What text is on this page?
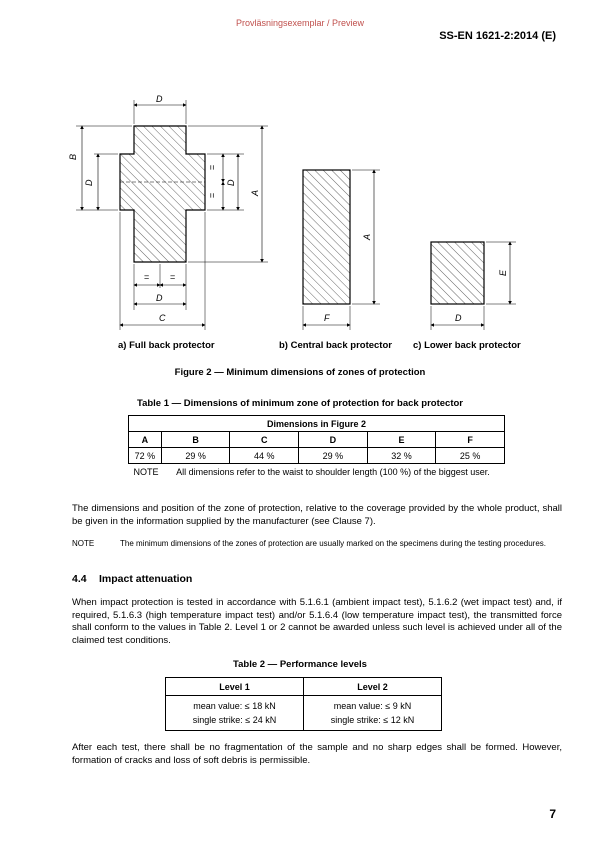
Provläsningsexemplar / Preview
SS-EN 1621-2:2014 (E)
D
B
D
=
=
D
A
= =
D
C
A
F
E
D
a) Full back protector	b) Central back protector c) Lower back protector
Figure 2 — Minimum dimensions of zones of protection
Table 1 — Dimensions of minimum zone of protection for back protector
Dimensions in Figure 2					
A	B	C	D	E	F
72 %	29 %	44 %	29 %	32 %	25 %
NOTE	All dimensions refer to the waist to shoulder length (100 %) of the biggest user.				
The dimensions and position of the zone of protection, relative to the coverage provided by the whole product, shall be given in the information supplied by the manufacturer (see Clause 7).
NOTE	The minimum dimensions of the zones of protection are usually marked on the specimens during the testing procedures.
4.4 Impact attenuation
When impact protection is tested in accordance with 5.1.6.1 (ambient impact test), 5.1.6.2 (wet impact test) and, if required, 5.1.6.3 (high temperature impact test) and/or 5.1.6.4 (low temperature impact test), the transmitted force shall conform to the values in Table 2. Level 1 or 2 cannot be awarded unless such level is achieved under all of the claimed test conditions.
Table 2 — Performance levels
Level 1	Level 2
mean value: ≤ 18 kN	mean value: ≤ 9 kN
single strike: ≤ 24 kN	single strike: ≤ 12 kN
After each test, there shall be no fragmentation of the sample and no sharp edges shall be formed. However, formation of cracks and loss of soft debris is permissible.
7
